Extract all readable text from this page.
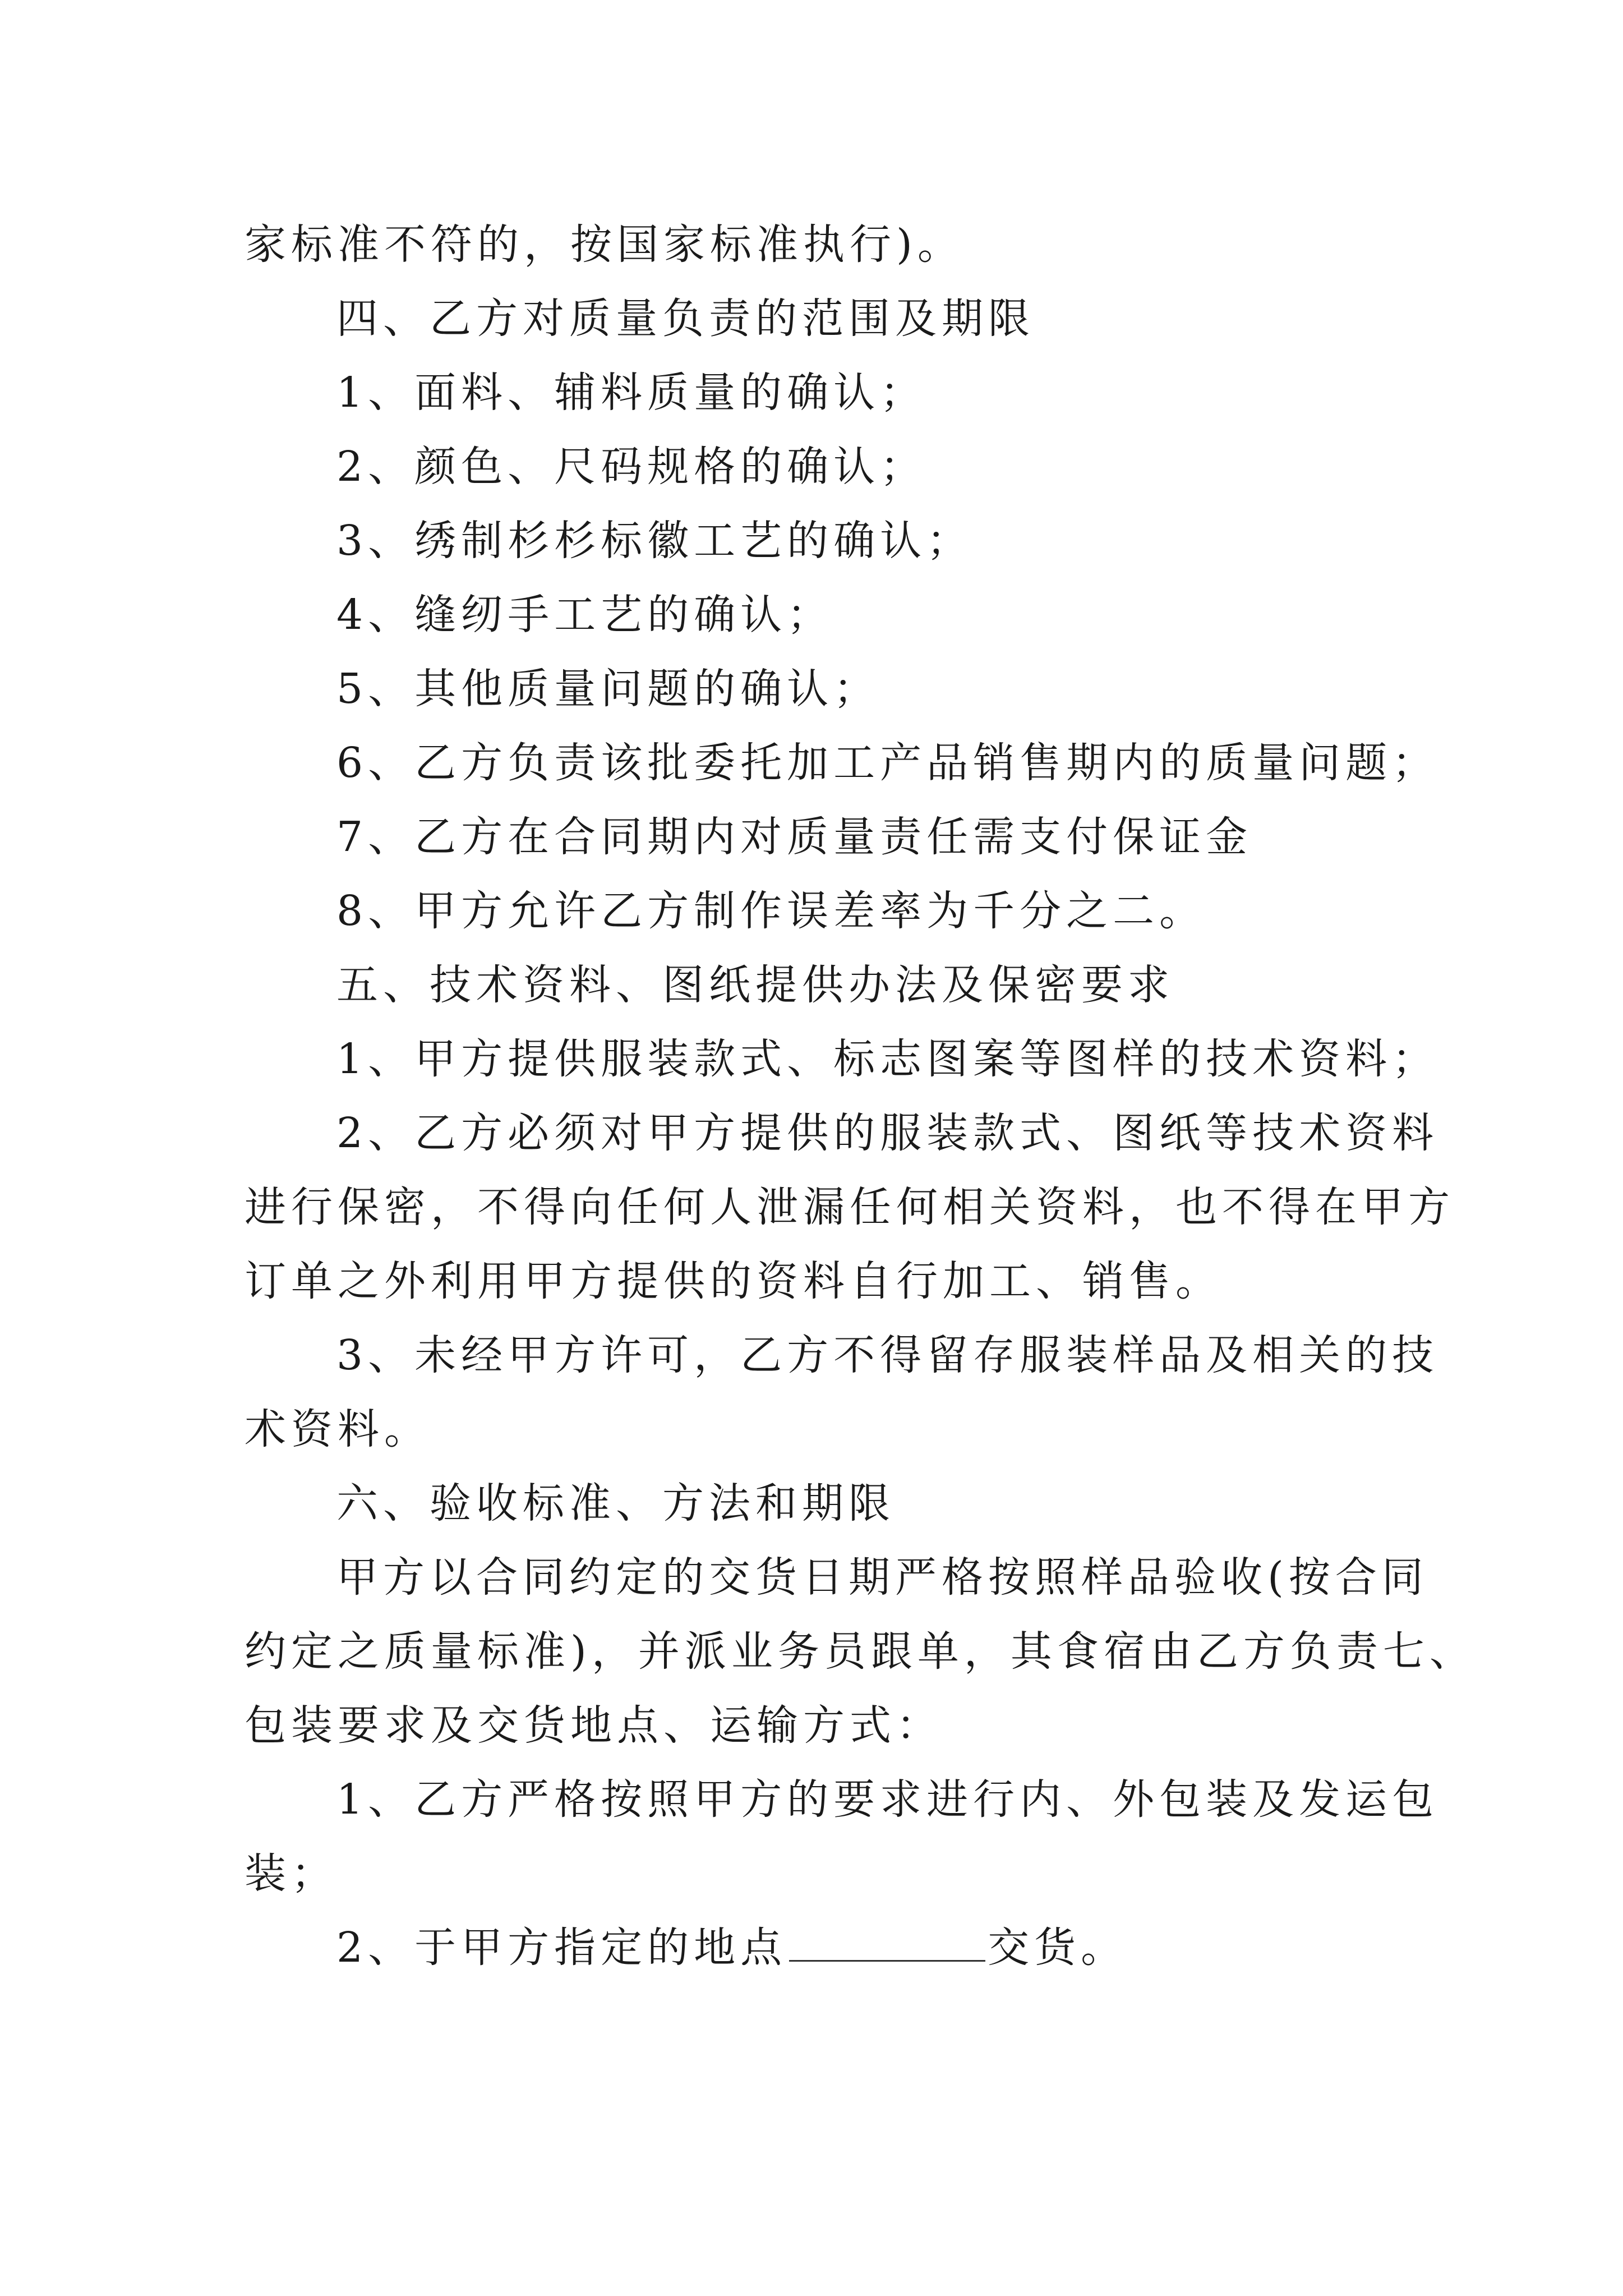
家标准不符的，按国家标准执行)。
四、乙方对质量负责的范围及期限
1、面料、辅料质量的确认；
2、颜色、尺码规格的确认；
3、绣制杉杉标徽工艺的确认；
4、缝纫手工艺的确认；
5、其他质量问题的确认；
6、乙方负责该批委托加工产品销售期内的质量问题；
7、乙方在合同期内对质量责任需支付保证金
8、甲方允许乙方制作误差率为千分之二。
五、技术资料、图纸提供办法及保密要求
1、甲方提供服装款式、标志图案等图样的技术资料；
2、乙方必须对甲方提供的服装款式、图纸等技术资料
进行保密，不得向任何人泄漏任何相关资料，也不得在甲方
订单之外利用甲方提供的资料自行加工、销售。
3、未经甲方许可，乙方不得留存服装样品及相关的技
术资料。
六、验收标准、方法和期限
甲方以合同约定的交货日期严格按照样品验收(按合同
约定之质量标准)，并派业务员跟单，其食宿由乙方负责七、
包装要求及交货地点、运输方式：
1、乙方严格按照甲方的要求进行内、外包装及发运包
装；
2、于甲方指定的地点	交货。
